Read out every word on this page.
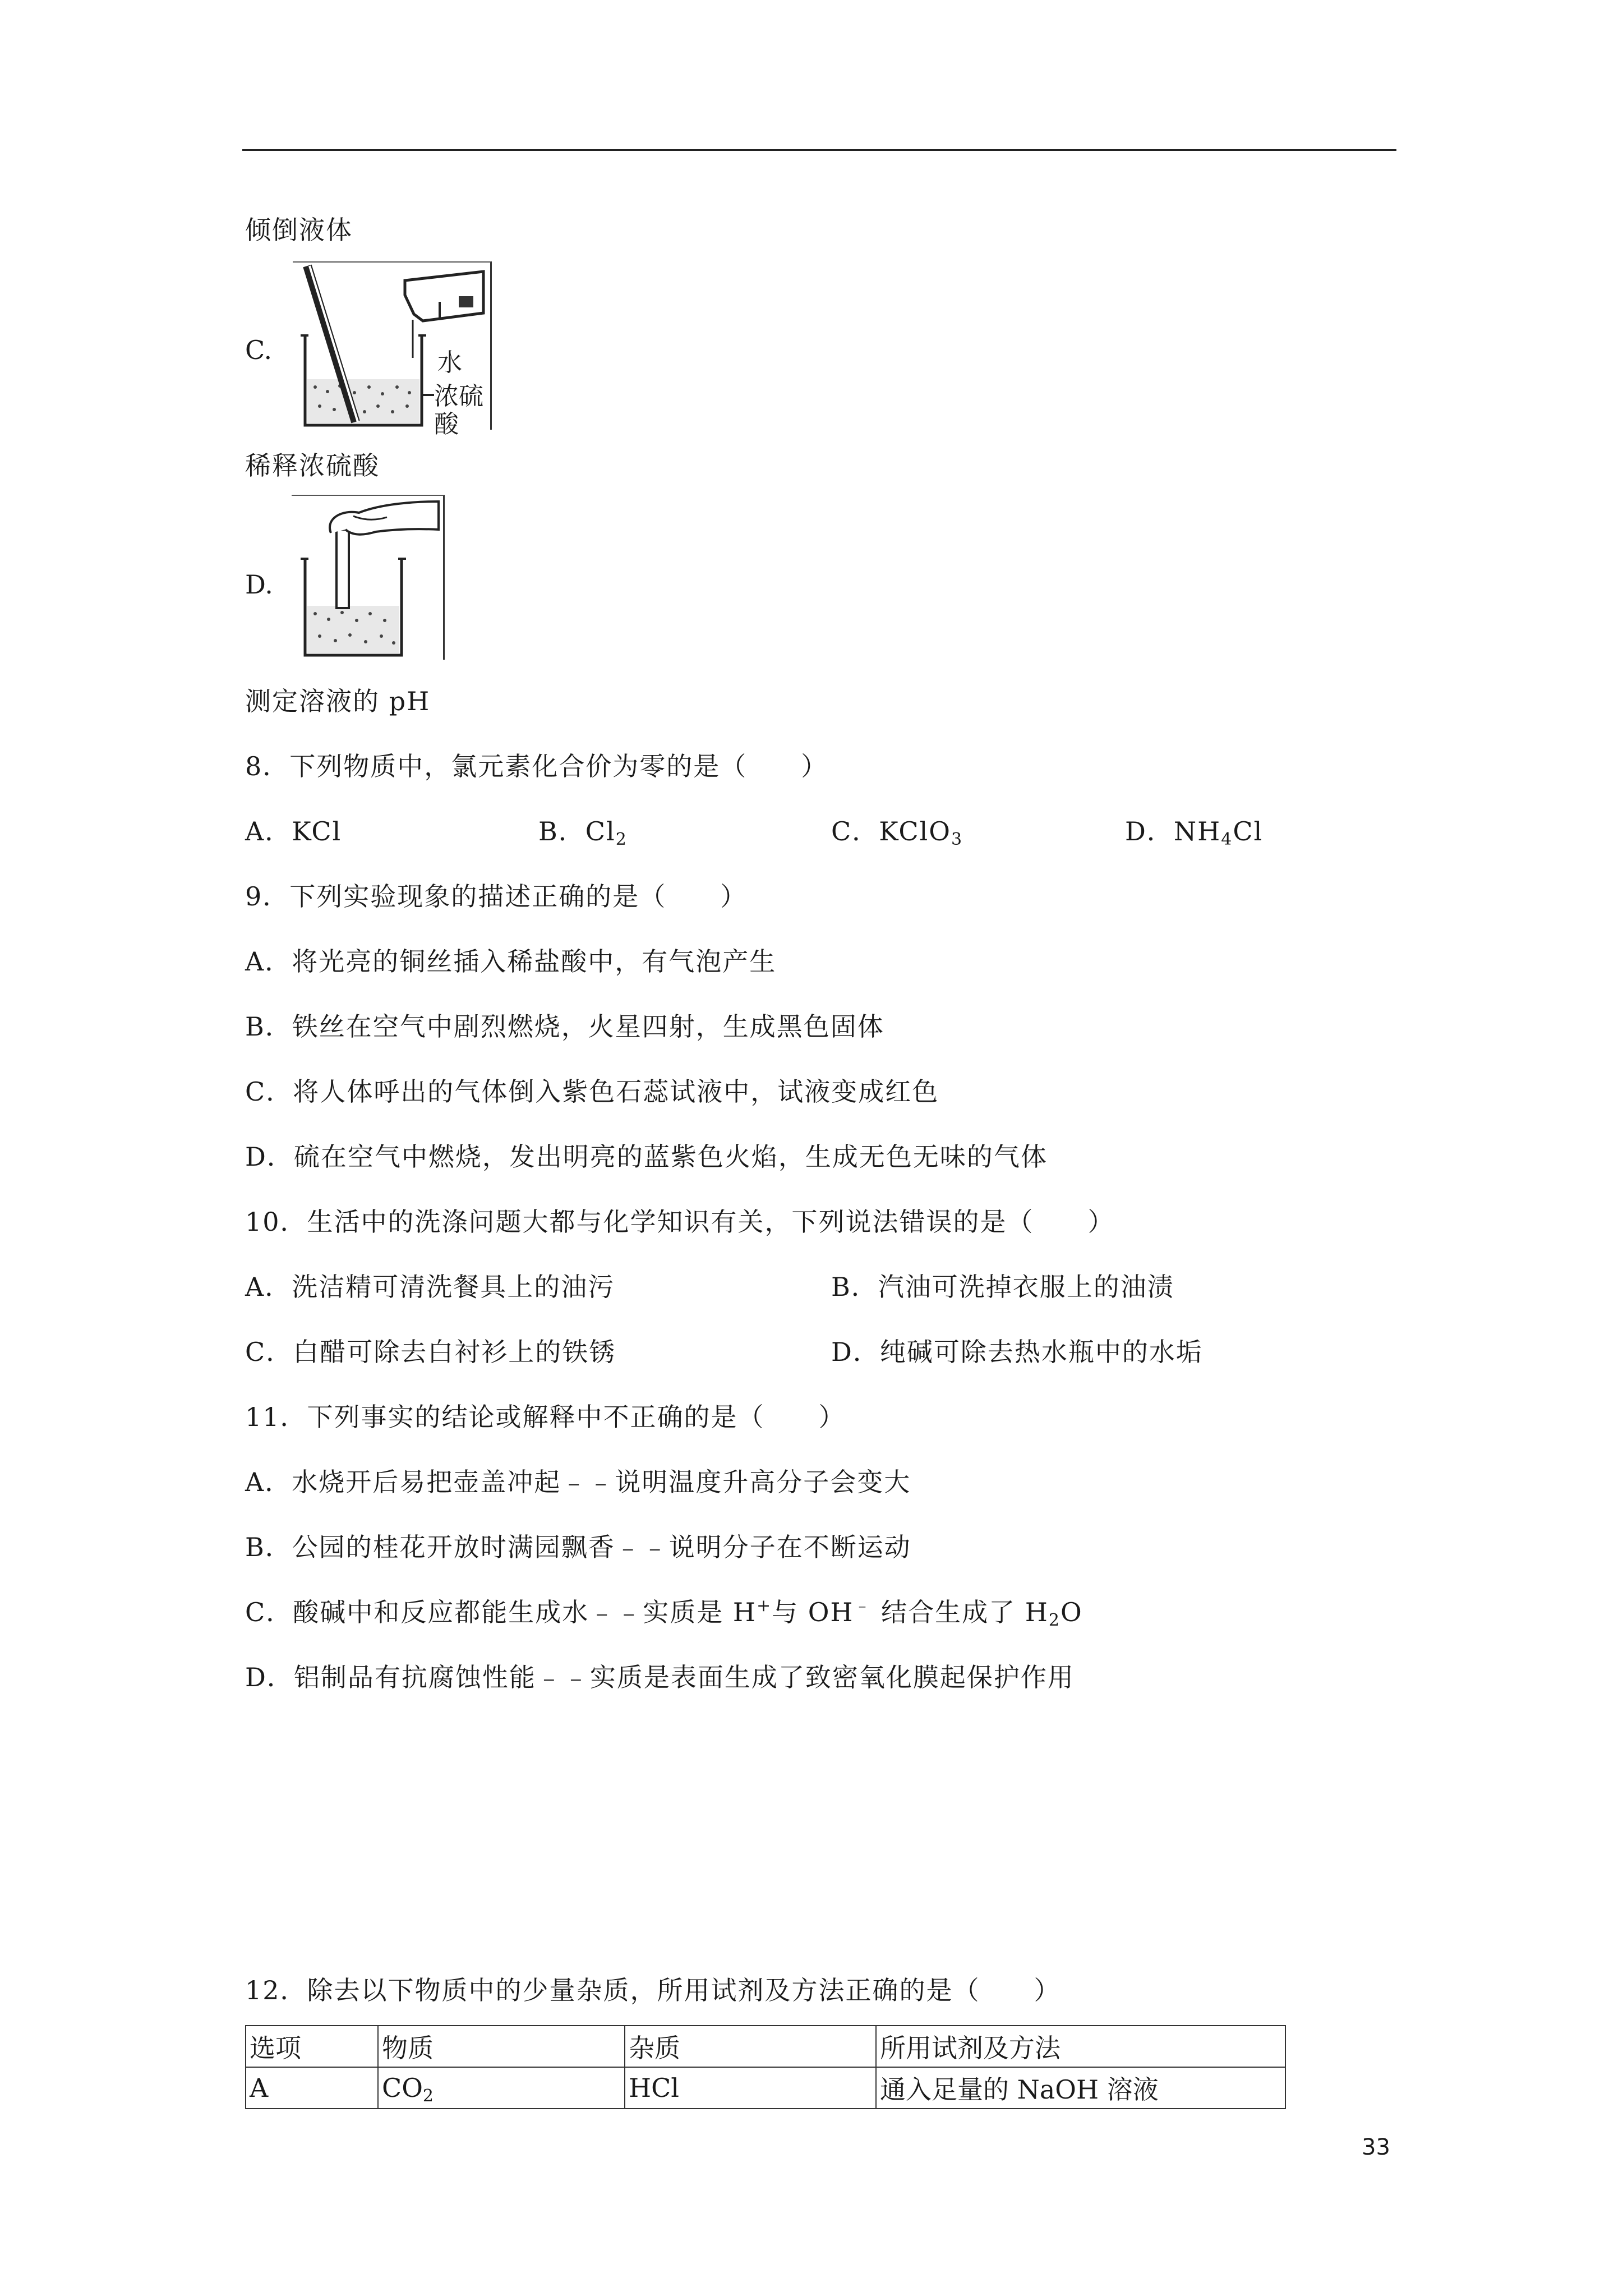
倾倒液体
C.	水
浓硫酸
稀释浓硫酸
D.
测定溶液的 pH
8．下列物质中，氯元素化合价为零的是（　　）
A．KCl	B．$Cl_2$	C．KClO$_3$	D．$NH_4Cl$
9．下列实验现象的描述正确的是（　　）
A．将光亮的铜丝插入稀盐酸中，有气泡产生
B．铁丝在空气中剧烈燃烧，火星四射，生成黑色固体
C．将人体呼出的气体倒入紫色石蕊试液中，试液变成红色
D．硫在空气中燃烧，发出明亮的蓝紫色火焰，生成无色无味的气体
10．生活中的洗涤问题大都与化学知识有关，下列说法错误的是（　　）
A．洗洁精可清洗餐具上的油污	B．汽油可洗掉衣服上的油渍
C．白醋可除去白衬衫上的铁锈	D．纯碱可除去热水瓶中的水垢
11．下列事实的结论或解释中不正确的是（　　）
A．水烧开后易把壶盖冲起﹣﹣说明温度升高分子会变大
B．公园的桂花开放时满园飘香﹣﹣说明分子在不断运动
C．酸碱中和反应都能生成水﹣﹣实质是 H+与 OH﹣ 结合生成了 $H_2O$
D．铝制品有抗腐蚀性能﹣﹣实质是表面生成了致密氧化膜起保护作用
12．除去以下物质中的少量杂质，所用试剂及方法正确的是（　　）
选项	物质	杂质	所用试剂及方法
A	$CO_2$	HCl	通入足量的 NaOH 溶液
33
